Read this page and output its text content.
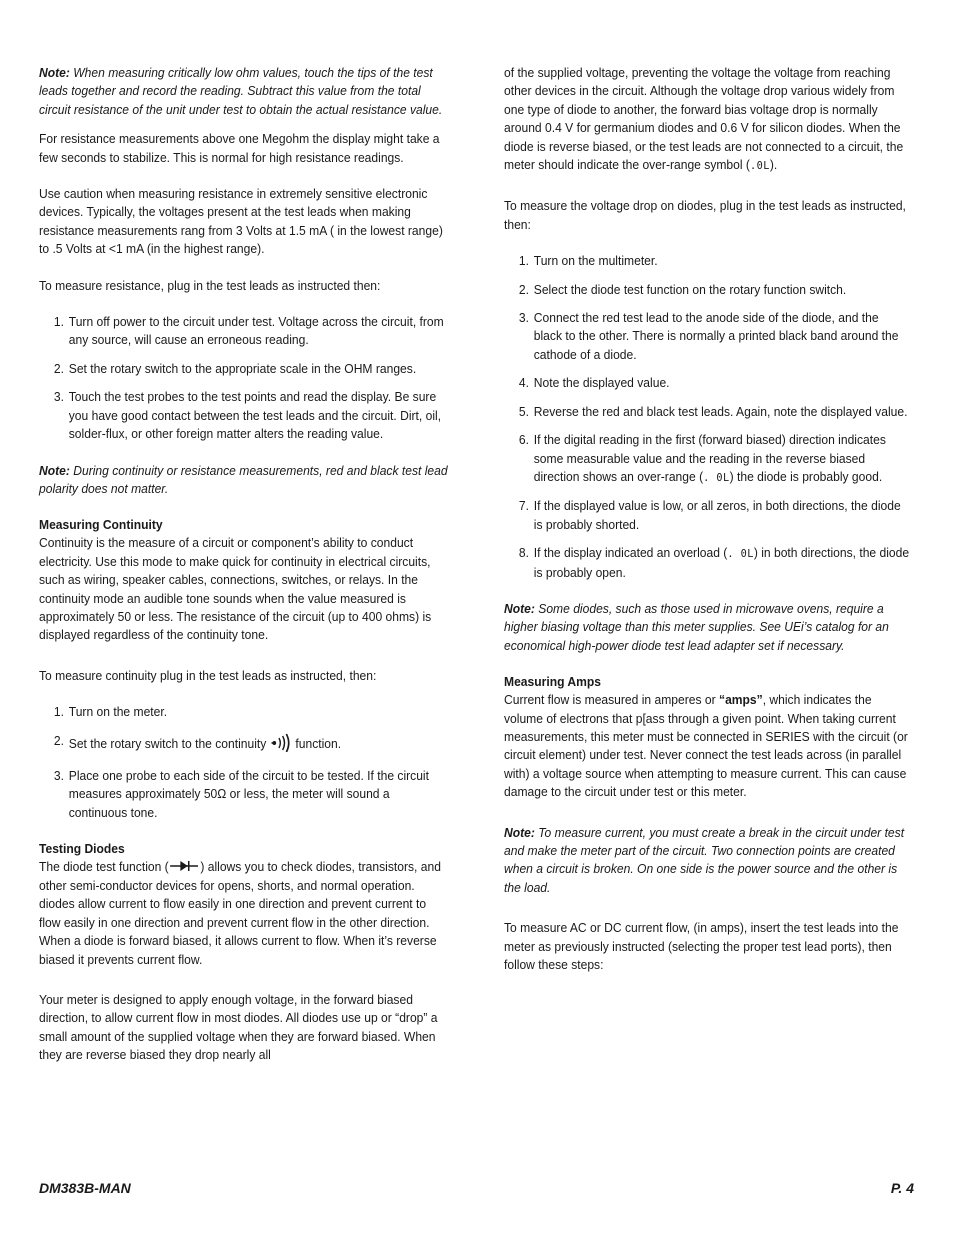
Note: When measuring critically low ohm values, touch the tips of the test leads together and record the reading. Subtract this value from the total circuit resistance of the unit under test to obtain the actual resistance value.

For resistance measurements above one Megohm the display might take a few seconds to stabilize. This is normal for high resistance readings.

Use caution when measuring resistance in extremely sensitive electronic devices. Typically, the voltages present at the test leads when making resistance measurements rang from 3 Volts at 1.5 mA ( in the lowest range) to .5 Volts at <1 mA (in the highest range).

To measure resistance, plug in the test leads as instructed then:

1. Turn off power to the circuit under test. Voltage across the circuit, from any source, will cause an erroneous reading.
2. Set the rotary switch to the appropriate scale in the OHM ranges.
3. Touch the test probes to the test points and read the display. Be sure you have good contact between the test leads and the circuit. Dirt, oil, solder-flux, or other foreign matter alters the reading value.

Note: During continuity or resistance measurements, red and black test lead polarity does not matter.

Measuring Continuity

Continuity is the measure of a circuit or component’s ability to conduct electricity. Use this mode to make quick for continuity in electrical circuits, such as wiring, speaker cables, connections, switches, or relays. In the continuity mode an audible tone sounds when the value measured is approximately 50 or less. The resistance of the circuit (up to 400 ohms) is displayed regardless of the continuity tone.

To measure continuity plug in the test leads as instructed, then:

1. Turn on the meter.
2. Set the rotary switch to the continuity function.
3. Place one probe to each side of the circuit to be tested. If the circuit measures approximately 50Ω or less, the meter will sound a continuous tone.
Testing Diodes

The diode test function ( ) allows you to check diodes, transistors, and other semi-conductor devices for opens, shorts, and normal operation. diodes allow current to flow easily in one direction and prevent current to flow easily in one direction and prevent current flow in the other direction. When a diode is forward biased, it allows current to flow. When it’s reverse biased it prevents current flow.

Your meter is designed to apply enough voltage, in the forward biased direction, to allow current flow in most diodes. All diodes use up or “drop” a small amount of the supplied voltage when they are forward biased. When they are reverse biased they drop nearly all

of the supplied voltage, preventing the voltage the voltage from reaching other devices in the circuit. Although the voltage drop various widely from one type of diode to another, the forward bias voltage drop is normally around 0.4 V for germanium diodes and 0.6 V for silicon diodes. When the diode is reverse biased, or the test leads are not connected to a circuit, the meter should indicate the over-range symbol (.0L).

To measure the voltage drop on diodes, plug in the test leads as instructed, then:

1. Turn on the multimeter.
2. Select the diode test function on the rotary function switch.
3. Connect the red test lead to the anode side of the diode, and the black to the other. There is normally a printed black band around the cathode of a diode.
4. Note the displayed value.
5. Reverse the red and black test leads. Again, note the displayed value.
6. If the digital reading in the first (forward biased) direction indicates some measurable value and the reading in the reverse biased direction shows an over-range (. 0L) the diode is probably good.
7. If the displayed value is low, or all zeros, in both directions, the diode is probably shorted.
8. If the display indicated an overload (. 0L) in both directions, the diode is probably open.

Note: Some diodes, such as those used in microwave ovens, require a higher biasing voltage than this meter supplies. See UEi’s catalog for an economical high-power diode test lead adapter set if necessary.

Measuring Amps

Current flow is measured in amperes or “amps”, which indicates the volume of electrons that p[ass through a given point. When taking current measurements, this meter must be connected in SERIES with the circuit (or circuit element) under test. Never connect the test leads across (in parallel with) a voltage source when attempting to measure current. This can cause damage to the circuit under test or this meter.

Note: To measure current, you must create a break in the circuit under test and make the meter part of the circuit. Two connection points are created when a circuit is broken. On one side is the power source and the other is the load.

To measure AC or DC current flow, (in amps), insert the test leads into the meter as previously instructed (selecting the proper test lead ports), then follow these steps:

DM383B-MAN	P. 4
